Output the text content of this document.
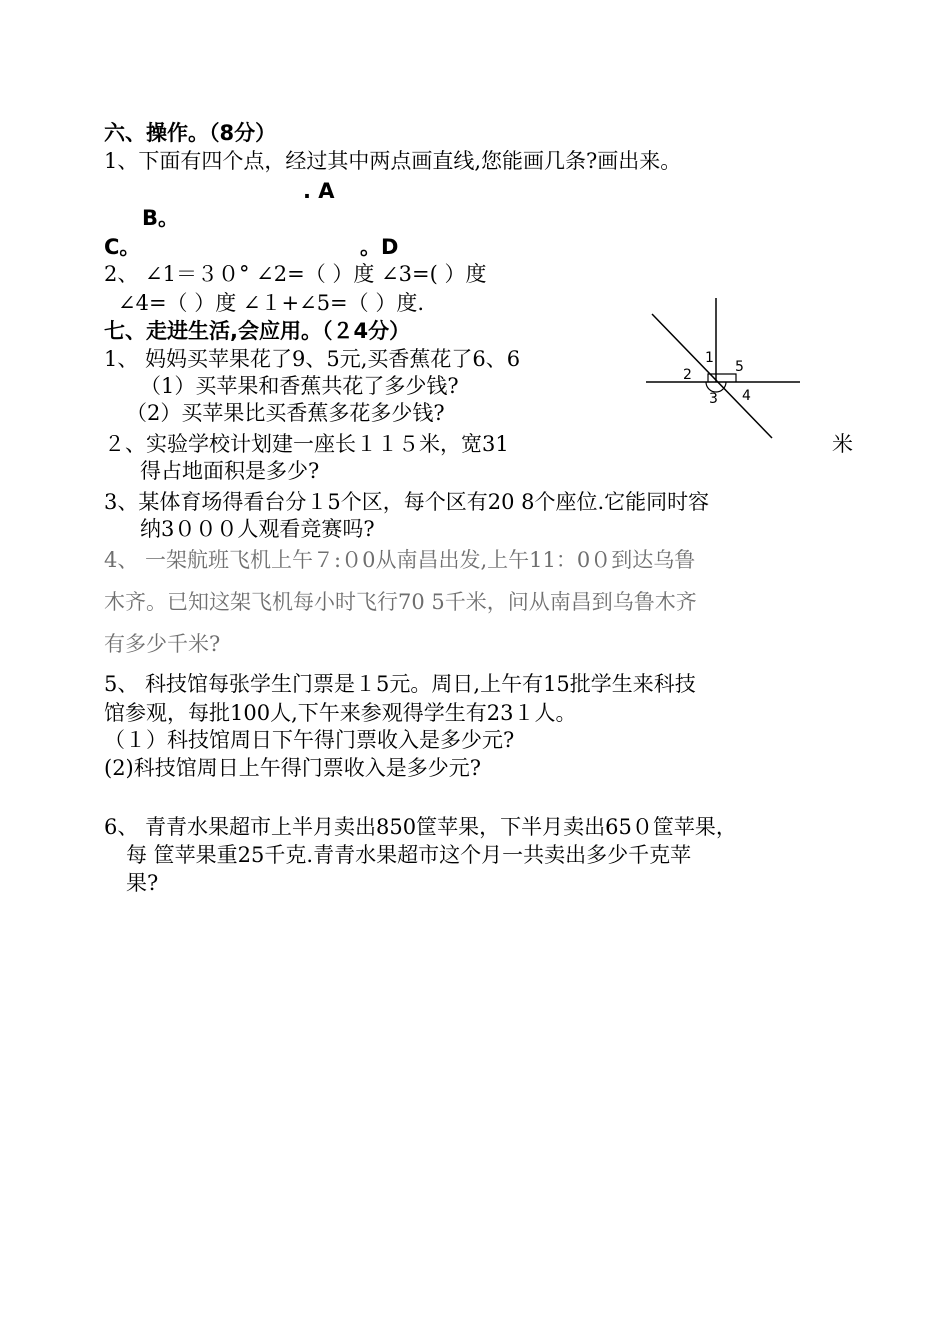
六、操作。（8分）
1、下面有四个点，经过其中两点画直线,您能画几条?画出来。
. A
B。
C。	。D
2、 ∠1＝３０° ∠2=（ ）度 ∠3=( ）度
∠4=（ ）度 ∠１+∠5=（ ）度.
七、走进生活,会应用。（２4分）
1、 妈妈买苹果花了9、5元,买香蕉花了6、6
（1）买苹果和香蕉共花了多少钱?
（2）买苹果比买香蕉多花多少钱?
２、实验学校计划建一座长１１５米，宽31	米
得占地面积是多少?
3、某体育场得看台分１5个区，每个区有20 8个座位.它能同时容
纳3０００人观看竞赛吗?
4、 一架航班飞机上午７:０0从南昌出发,上午11：0０到达乌鲁
木齐。已知这架飞机每小时飞行70 5千米，问从南昌到乌鲁木齐
有多少千米?
5、 科技馆每张学生门票是１5元。周日,上午有15批学生来科技
馆参观，每批100人,下午来参观得学生有23１人。
（１）科技馆周日下午得门票收入是多少元?
(2)科技馆周日上午得门票收入是多少元?
6、 青青水果超市上半月卖出850筐苹果，下半月卖出65０筐苹果，
每 筐苹果重25千克.青青水果超市这个月一共卖出多少千克苹
果?
1
2
3 4
5
